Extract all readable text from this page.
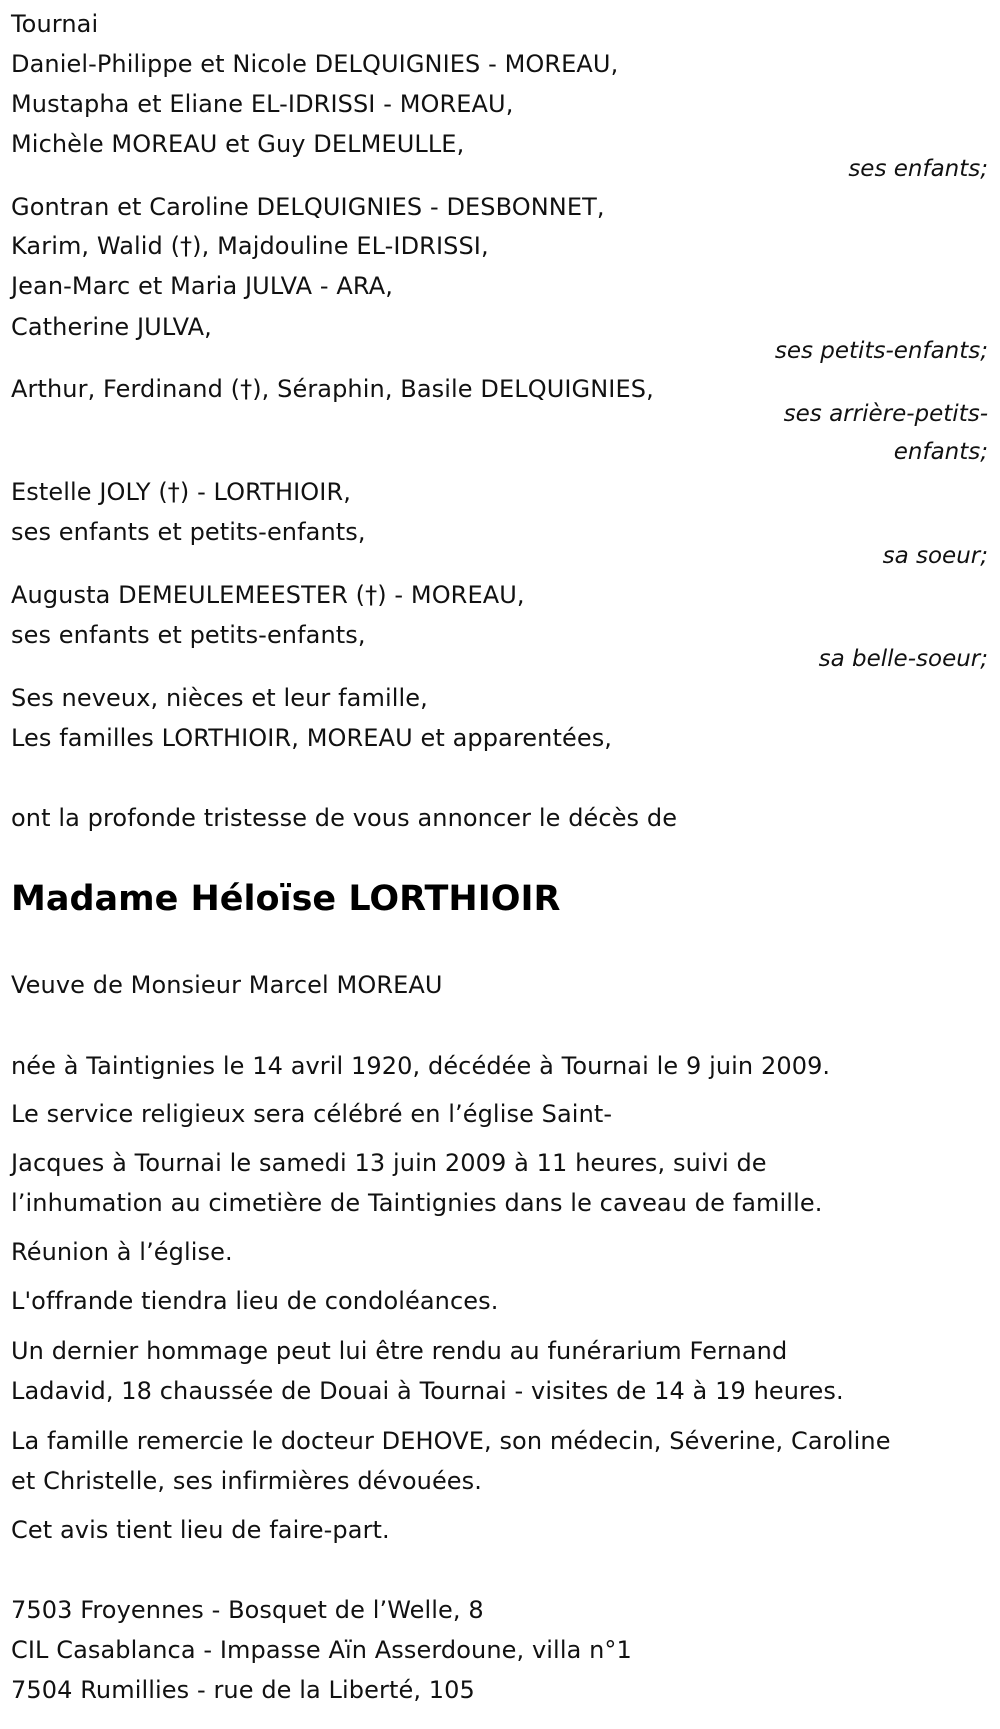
Tournai
Daniel-Philippe et Nicole DELQUIGNIES - MOREAU,
Mustapha et Eliane EL-IDRISSI - MOREAU,
Michèle MOREAU et Guy DELMEULLE,
ses enfants;
Gontran et Caroline DELQUIGNIES - DESBONNET,
Karim, Walid (†), Majdouline EL-IDRISSI,
Jean-Marc et Maria JULVA - ARA,
Catherine JULVA,
ses petits-enfants;
Arthur, Ferdinand (†), Séraphin, Basile DELQUIGNIES,
ses arrière-petits-
enfants;
Estelle JOLY (†) - LORTHIOIR,
ses enfants et petits-enfants,
sa soeur;
Augusta DEMEULEMEESTER (†) - MOREAU,
ses enfants et petits-enfants,
sa belle-soeur;
Ses neveux, nièces et leur famille,
Les familles LORTHIOIR, MOREAU et apparentées,
ont la profonde tristesse de vous annoncer le décès de
Madame Héloïse LORTHIOIR
Veuve de Monsieur Marcel MOREAU
née à Taintignies le 14 avril 1920, décédée à Tournai le 9 juin 2009.
Le service religieux sera célébré en l’église Saint-
Jacques à Tournai le samedi 13 juin 2009 à 11 heures, suivi de
l’inhumation au cimetière de Taintignies dans le caveau de famille.
Réunion à l’église.
L'offrande tiendra lieu de condoléances.
Un dernier hommage peut lui être rendu au funérarium Fernand
Ladavid, 18 chaussée de Douai à Tournai - visites de 14 à 19 heures.
La famille remercie le docteur DEHOVE, son médecin, Séverine, Caroline
et Christelle, ses infirmières dévouées.
Cet avis tient lieu de faire-part.
7503 Froyennes - Bosquet de l’Welle, 8
CIL Casablanca - Impasse Aïn Asserdoune, villa n°1
7504 Rumillies - rue de la Liberté, 105
